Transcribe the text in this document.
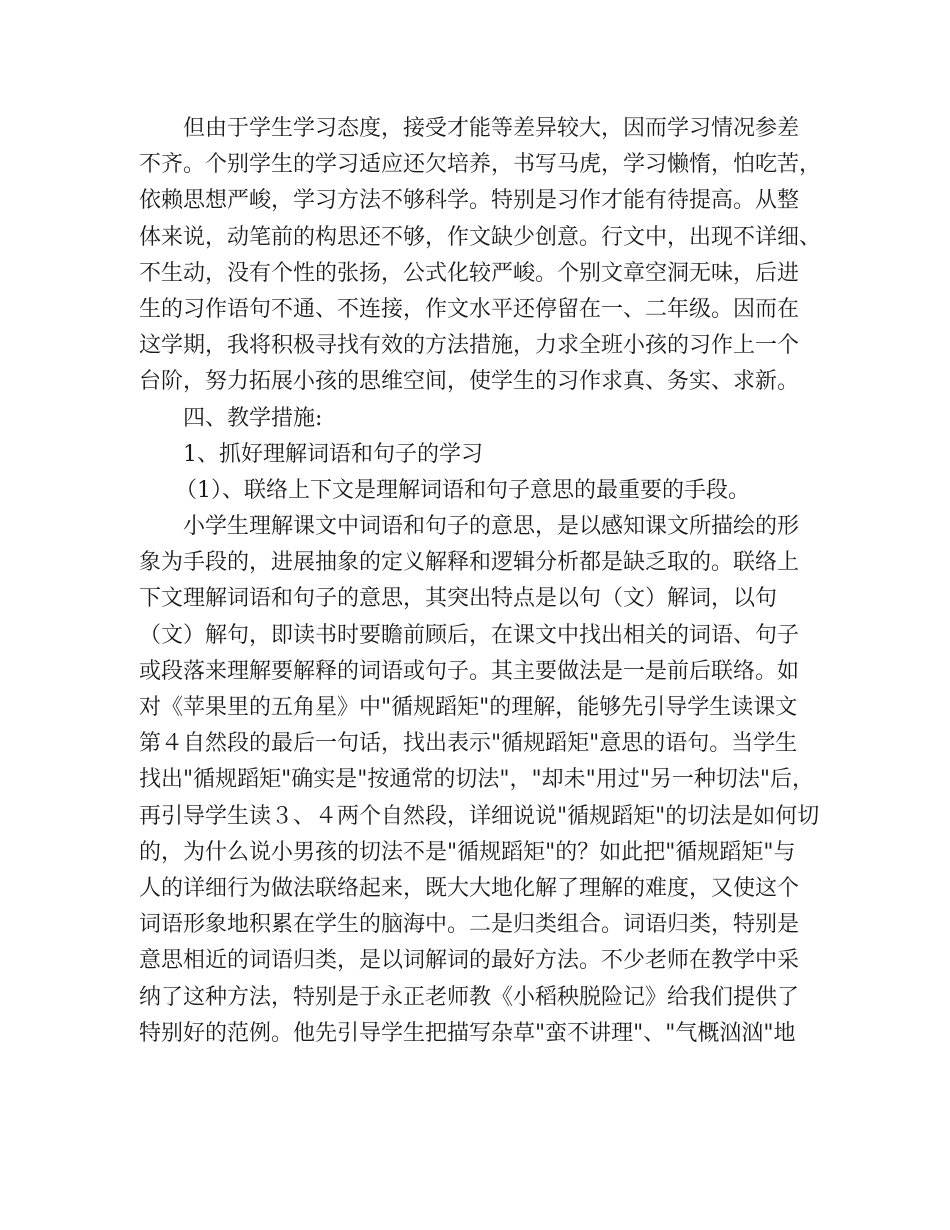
但由于学生学习态度，接受才能等差异较大，因而学习情况参差
不齐。个别学生的学习适应还欠培养，书写马虎，学习懒惰，怕吃苦，
依赖思想严峻，学习方法不够科学。特别是习作才能有待提高。从整
体来说，动笔前的构思还不够，作文缺少创意。行文中，出现不详细、
不生动，没有个性的张扬，公式化较严峻。个别文章空洞无味，后进
生的习作语句不通、不连接，作文水平还停留在一、二年级。因而在
这学期，我将积极寻找有效的方法措施，力求全班小孩的习作上一个
台阶，努力拓展小孩的思维空间，使学生的习作求真、务实、求新。
四、教学措施:
1、抓好理解词语和句子的学习
（1）、联络上下文是理解词语和句子意思的最重要的手段。
小学生理解课文中词语和句子的意思，是以感知课文所描绘的形
象为手段的，进展抽象的定义解释和逻辑分析都是缺乏取的。联络上
下文理解词语和句子的意思，其突出特点是以句（文）解词，以句
（文）解句，即读书时要瞻前顾后，在课文中找出相关的词语、句子
或段落来理解要解释的词语或句子。其主要做法是一是前后联络。如
对《苹果里的五角星》中"循规蹈矩"的理解，能够先引导学生读课文
第４自然段的最后一句话，找出表示"循规蹈矩"意思的语句。当学生
找出"循规蹈矩"确实是"按通常的切法"，"却未"用过"另一种切法"后，
再引导学生读３、４两个自然段，详细说说"循规蹈矩"的切法是如何切
的，为什么说小男孩的切法不是"循规蹈矩"的？如此把"循规蹈矩"与
人的详细行为做法联络起来，既大大地化解了理解的难度，又使这个
词语形象地积累在学生的脑海中。二是归类组合。词语归类，特别是
意思相近的词语归类，是以词解词的最好方法。不少老师在教学中采
纳了这种方法，特别是于永正老师教《小稻秧脱险记》给我们提供了
特别好的范例。他先引导学生把描写杂草"蛮不讲理"、"气概汹汹"地
